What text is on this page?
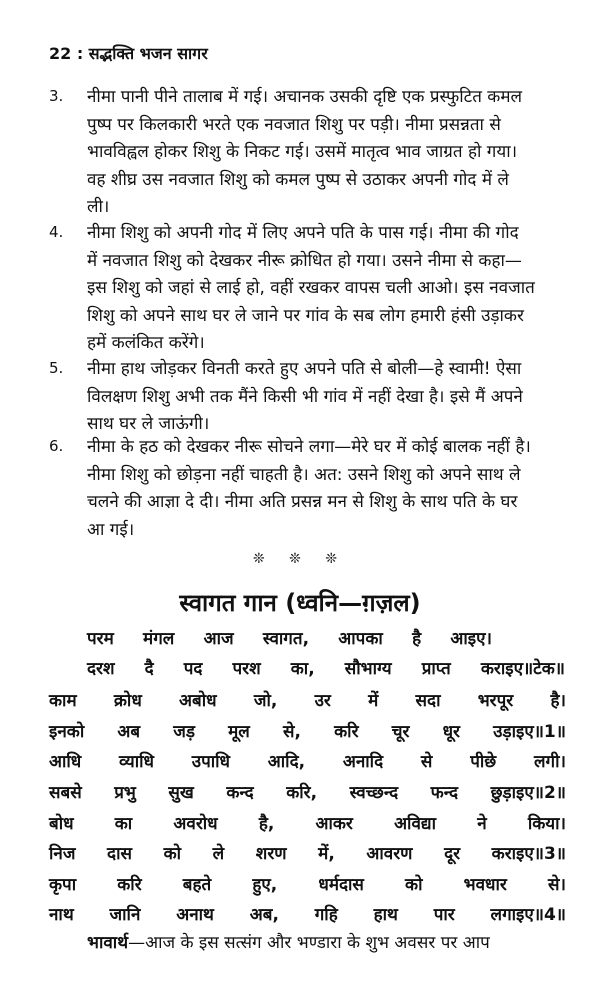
22 : सद्भक्ति भजन सागर
3. नीमा पानी पीने तालाब में गई। अचानक उसकी दृष्टि एक प्रस्फुटित कमल
पुष्प पर किलकारी भरते एक नवजात शिशु पर पड़ी। नीमा प्रसन्नता से
भावविह्वल होकर शिशु के निकट गई। उसमें मातृत्व भाव जाग्रत हो गया।
वह शीघ्र उस नवजात शिशु को कमल पुष्प से उठाकर अपनी गोद में ले
ली।
4. नीमा शिशु को अपनी गोद में लिए अपने पति के पास गई। नीमा की गोद
में नवजात शिशु को देखकर नीरू क्रोधित हो गया। उसने नीमा से कहा—
इस शिशु को जहां से लाई हो, वहीं रखकर वापस चली आओ। इस नवजात
शिशु को अपने साथ घर ले जाने पर गांव के सब लोग हमारी हंसी उड़ाकर
हमें कलंकित करेंगे।
5. नीमा हाथ जोड़कर विनती करते हुए अपने पति से बोली—हे स्वामी! ऐसा
विलक्षण शिशु अभी तक मैंने किसी भी गांव में नहीं देखा है। इसे मैं अपने
साथ घर ले जाऊंगी।
6. नीमा के हठ को देखकर नीरू सोचने लगा—मेरे घर में कोई बालक नहीं है।
नीमा शिशु को छोड़ना नहीं चाहती है। अत: उसने शिशु को अपने साथ ले
चलने की आज्ञा दे दी। नीमा अति प्रसन्न मन से शिशु के साथ पति के घर
आ गई।
❊ ❊ ❊
स्वागत गान (ध्वनि—ग़ज़ल)
परम मंगल आज स्वागत, आपका है आइए।
दरश दै पद परश का, सौभाग्य प्राप्त कराइए॥टेक॥
काम क्रोध अबोध जो, उर में सदा भरपूर है।
इनको अब जड़ मूल से, करि चूर धूर उड़ाइए॥1॥
आधि व्याधि उपाधि आदि, अनादि से पीछे लगी।
सबसे प्रभु सुख कन्द करि, स्वच्छन्द फन्द छुड़ाइए॥2॥
बोध का अवरोध है, आकर अविद्या ने किया।
निज दास को ले शरण में, आवरण दूर कराइए॥3॥
कृपा करि बहते हुए, धर्मदास को भवधार से।
नाथ जानि अनाथ अब, गहि हाथ पार लगाइए॥4॥
भावार्थ—आज के इस सत्संग और भण्डारा के शुभ अवसर पर आप
